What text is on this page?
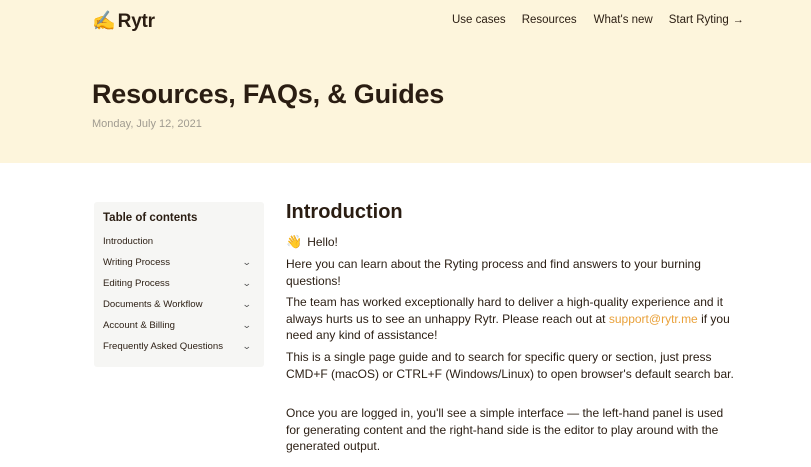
✍️ Rytr	Use cases Resources What's new Start Ryting →
Resources, FAQs, & Guides
Monday, July 12, 2021
Table of contents
Introduction
Writing Process	⌄
Editing Process	⌄
Documents & Workflow	⌄
Account & Billing	⌄
Frequently Asked Questions ⌄
Introduction
👋 Hello!

Here you can learn about the Ryting process and find answers to your burning questions!

The team has worked exceptionally hard to deliver a high-quality experience and it always hurts us to see an unhappy Rytr. Please reach out at support@rytr.me if you need any kind of assistance!

This is a single page guide and to search for specific query or section, just press CMD+F (macOS) or CTRL+F (Windows/Linux) to open browser's default search bar.

Once you are logged in, you'll see a simple interface — the left-hand panel is used for generating content and the right-hand side is the editor to play around with the generated output.
